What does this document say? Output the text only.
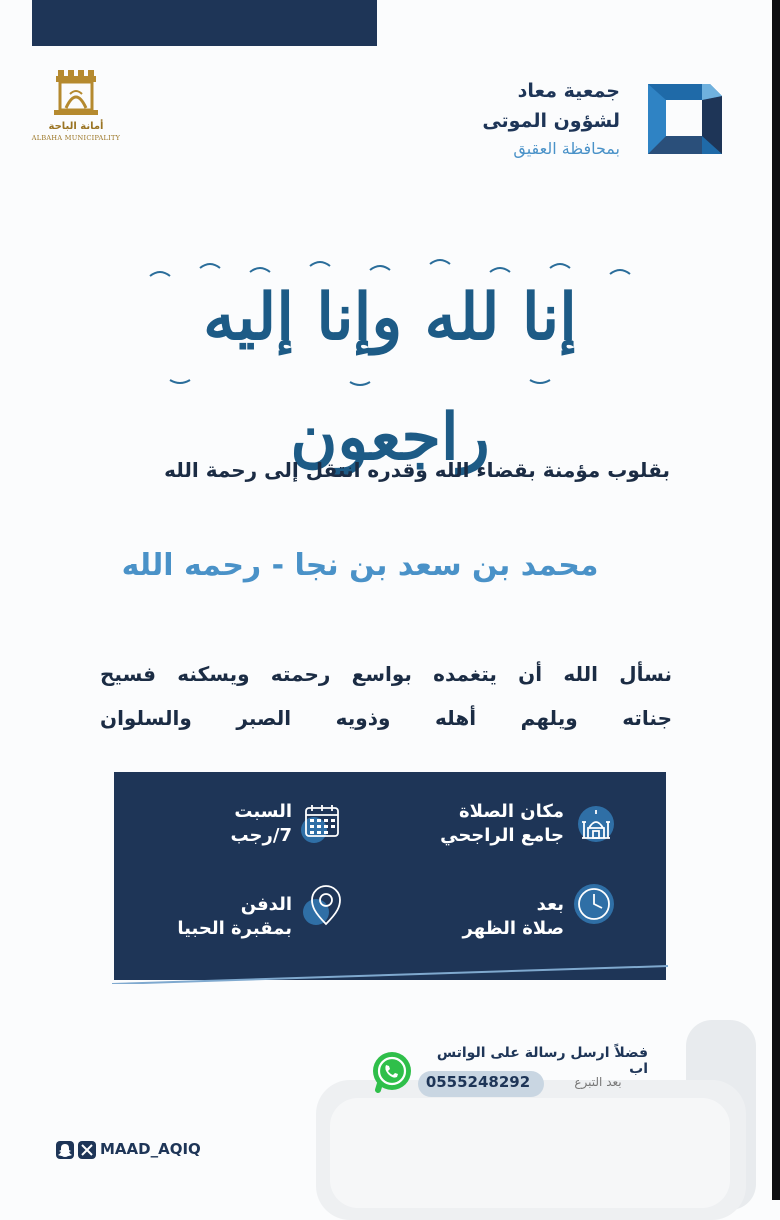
جمعية معاد
لشؤون الموتى
بمحافظة العقيق
أمانة الباحة
ALBAHA MUNICIPALITY
إنا لله وإنا إليه راجعون
بقلوب مؤمنة بقضاء الله وقدره انتقل إلى رحمة الله
محمد بن سعد بن نجا - رحمه الله
نسأل الله أن يتغمده بواسع رحمته ويسكنه فسيح
جناته ويلهم أهله وذويه الصبر والسلوان
مكان الصلاة
جامع الراجحي
السبت
7/رجب
بعد
صلاة الظهر
الدفن
بمقبرة الحبيا
فضلاً ارسل رسالة على الواتس اب
بعد التبرع
0555248292
MAAD_AQIQ
